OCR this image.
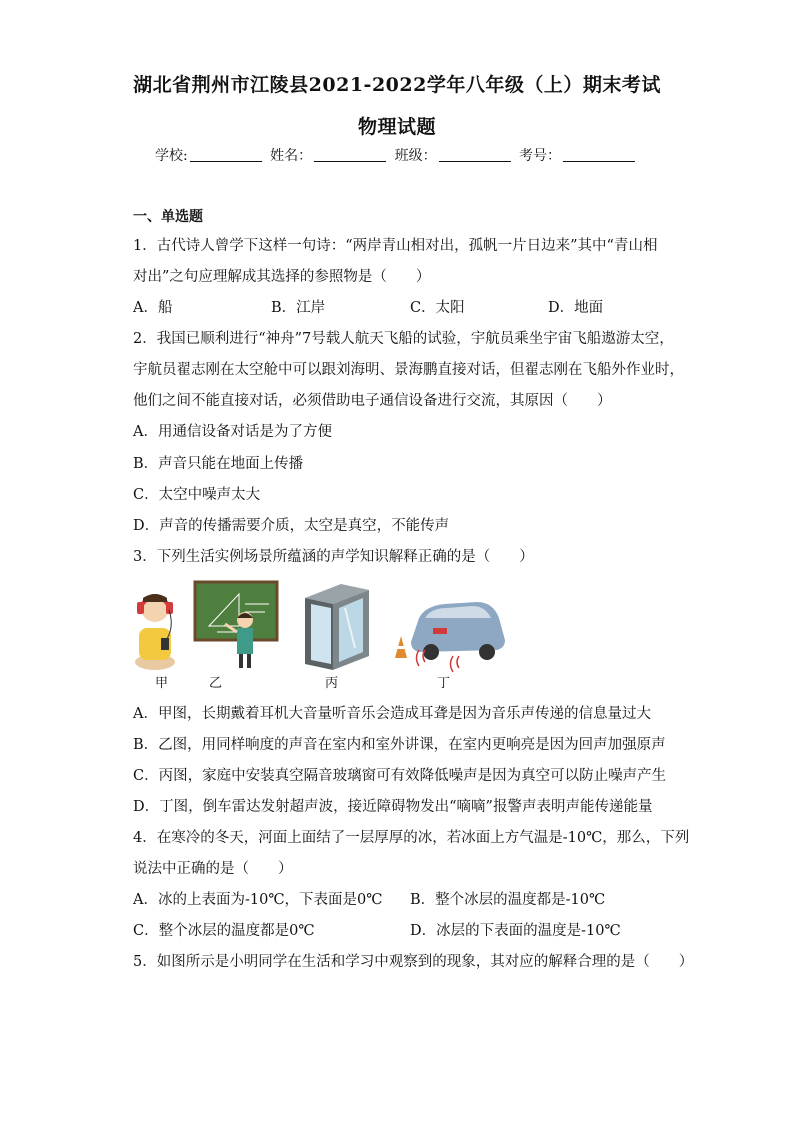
湖北省荆州市江陵县2021-2022学年八年级（上）期末考试
物理试题
学校:	姓名：	班级：	考号：
一、单选题
1．古代诗人曾学下这样一句诗：“两岸青山相对出，孤帆一片日边来”其中“青山相
对出”之句应理解成其选择的参照物是（　　）
A．船	B．江岸	C．太阳	D．地面
2．我国已顺利进行“神舟”7号载人航天飞船的试验，宇航员乘坐宇宙飞船遨游太空，
宇航员翟志刚在太空舱中可以跟刘海明、景海鹏直接对话，但翟志刚在飞船外作业时，
他们之间不能直接对话，必须借助电子通信设备进行交流，其原因（　　）
A．用通信设备对话是为了方便
B．声音只能在地面上传播
C．太空中噪声太大
D．声音的传播需要介质，太空是真空，不能传声
3．下列生活实例场景所蕴涵的声学知识解释正确的是（　　）
甲	乙	丙	丁
A．甲图，长期戴着耳机大音量听音乐会造成耳聋是因为音乐声传递的信息量过大
B．乙图，用同样响度的声音在室内和室外讲课，在室内更响亮是因为回声加强原声
C．丙图，家庭中安装真空隔音玻璃窗可有效降低噪声是因为真空可以防止噪声产生
D．丁图，倒车雷达发射超声波，接近障碍物发出“嘀嘀”报警声表明声能传递能量
4．在寒冷的冬天，河面上面结了一层厚厚的冰，若冰面上方气温是-10℃，那么，下列
说法中正确的是（　　）
A．冰的上表面为-10℃，下表面是0℃ B．整个冰层的温度都是-10℃
C．整个冰层的温度都是0℃	D．冰层的下表面的温度是-10℃
5．如图所示是小明同学在生活和学习中观察到的现象，其对应的解释合理的是（　　）
